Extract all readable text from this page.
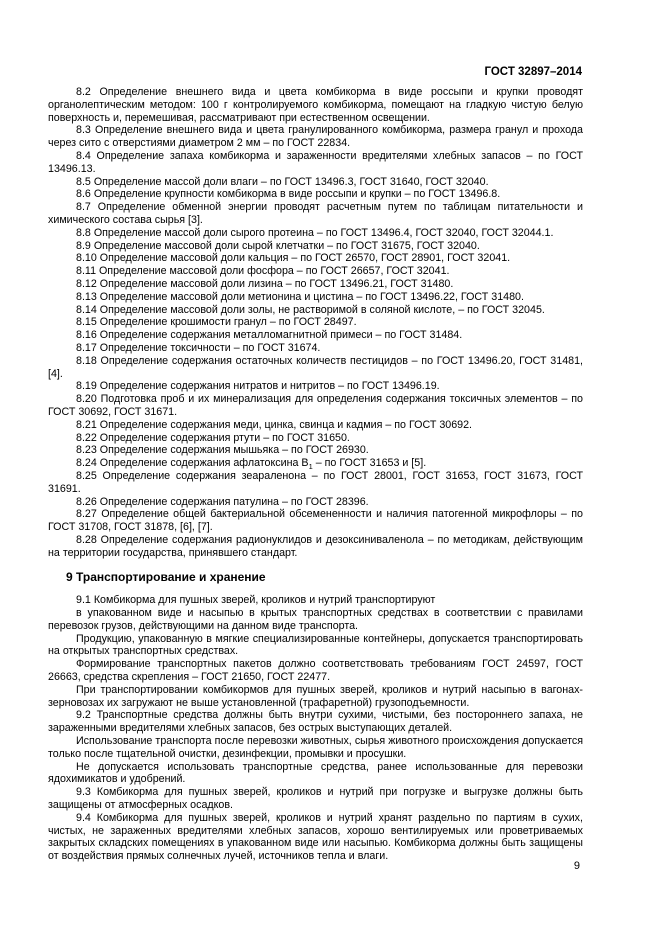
ГОСТ 32897–2014

8.2 Определение внешнего вида и цвета комбикорма в виде россыпи и крупки проводят органолептическим методом: 100 г контролируемого комбикорма, помещают на гладкую чистую белую поверхность и, перемешивая, рассматривают при естественном освещении.

8.3 Определение внешнего вида и цвета гранулированного комбикорма, размера гранул и прохода через сито с отверстиями диаметром 2 мм – по ГОСТ 22834.

8.4 Определение запаха комбикорма и зараженности вредителями хлебных запасов – по ГОСТ 13496.13.

8.5 Определение массой доли влаги – по ГОСТ 13496.3, ГОСТ 31640, ГОСТ 32040.

8.6 Определение крупности комбикорма в виде россыпи и крупки – по ГОСТ 13496.8.

8.7 Определение обменной энергии проводят расчетным путем по таблицам питательности и химического состава сырья [3].

8.8 Определение массой доли сырого протеина – по ГОСТ 13496.4, ГОСТ 32040, ГОСТ 32044.1.

8.9 Определение массовой доли сырой клетчатки – по ГОСТ 31675, ГОСТ 32040.

8.10 Определение массовой доли кальция – по ГОСТ 26570, ГОСТ 28901, ГОСТ 32041.

8.11 Определение массовой доли фосфора – по ГОСТ 26657, ГОСТ 32041.

8.12 Определение массовой доли лизина – по ГОСТ 13496.21, ГОСТ 31480.

8.13 Определение массовой доли метионина и цистина – по ГОСТ 13496.22, ГОСТ 31480.

8.14 Определение массовой доли золы, не растворимой в соляной кислоте, – по ГОСТ 32045.

8.15 Определение крошимости гранул – по ГОСТ 28497.

8.16 Определение содержания металломагнитной примеси – по ГОСТ 31484.

8.17 Определение токсичности – по ГОСТ 31674.

8.18 Определение содержания остаточных количеств пестицидов – по ГОСТ 13496.20, ГОСТ 31481, [4].

8.19 Определение содержания нитратов и нитритов – по ГОСТ 13496.19.

8.20 Подготовка проб и их минерализация для определения содержания токсичных элементов – по ГОСТ 30692, ГОСТ 31671.

8.21 Определение содержания меди, цинка, свинца и кадмия – по ГОСТ 30692.

8.22 Определение содержания ртути – по ГОСТ 31650.

8.23 Определение содержания мышьяка – по ГОСТ 26930.

8.24 Определение содержания афлатоксина $В_1$ – по ГОСТ 31653 и [5].

8.25 Определение содержания зеараленона – по ГОСТ 28001, ГОСТ 31653, ГОСТ 31673, ГОСТ 31691.

8.26 Определение содержания патулина – по ГОСТ 28396.

8.27 Определение общей бактериальной обсемененности и наличия патогенной микрофлоры – по ГОСТ 31708, ГОСТ 31878, [6], [7].

8.28 Определение содержания радионуклидов и дезоксиниваленола – по методикам, действующим на территории государства, принявшего стандарт.

9 Транспортирование и хранение

9.1 Комбикорма для пушных зверей, кроликов и нутрий транспортируют

в упакованном виде и насыпью в крытых транспортных средствах в соответствии с правилами перевозок грузов, действующими на данном виде транспорта.

Продукцию, упакованную в мягкие специализированные контейнеры, допускается транспортировать на открытых транспортных средствах.

Формирование транспортных пакетов должно соответствовать требованиям ГОСТ 24597, ГОСТ 26663, средства скрепления – ГОСТ 21650, ГОСТ 22477.

При транспортировании комбикормов для пушных зверей, кроликов и нутрий насыпью в вагонах-зерновозах их загружают не выше установленной (трафаретной) грузоподъемности.

9.2 Транспортные средства должны быть внутри сухими, чистыми, без постороннего запаха, не зараженными вредителями хлебных запасов, без острых выступающих деталей.

Использование транспорта после перевозки животных, сырья животного происхождения допускается только после тщательной очистки, дезинфекции, промывки и просушки.

Не допускается использовать транспортные средства, ранее использованные для перевозки ядохимикатов и удобрений.

9.3 Комбикорма для пушных зверей, кроликов и нутрий при погрузке и выгрузке должны быть защищены от атмосферных осадков.

9.4 Комбикорма для пушных зверей, кроликов и нутрий хранят раздельно по партиям в сухих, чистых, не зараженных вредителями хлебных запасов, хорошо вентилируемых или проветриваемых закрытых складских помещениях в упакованном виде или насыпью. Комбикорма должны быть защищены от воздействия прямых солнечных лучей, источников тепла и влаги.

9
